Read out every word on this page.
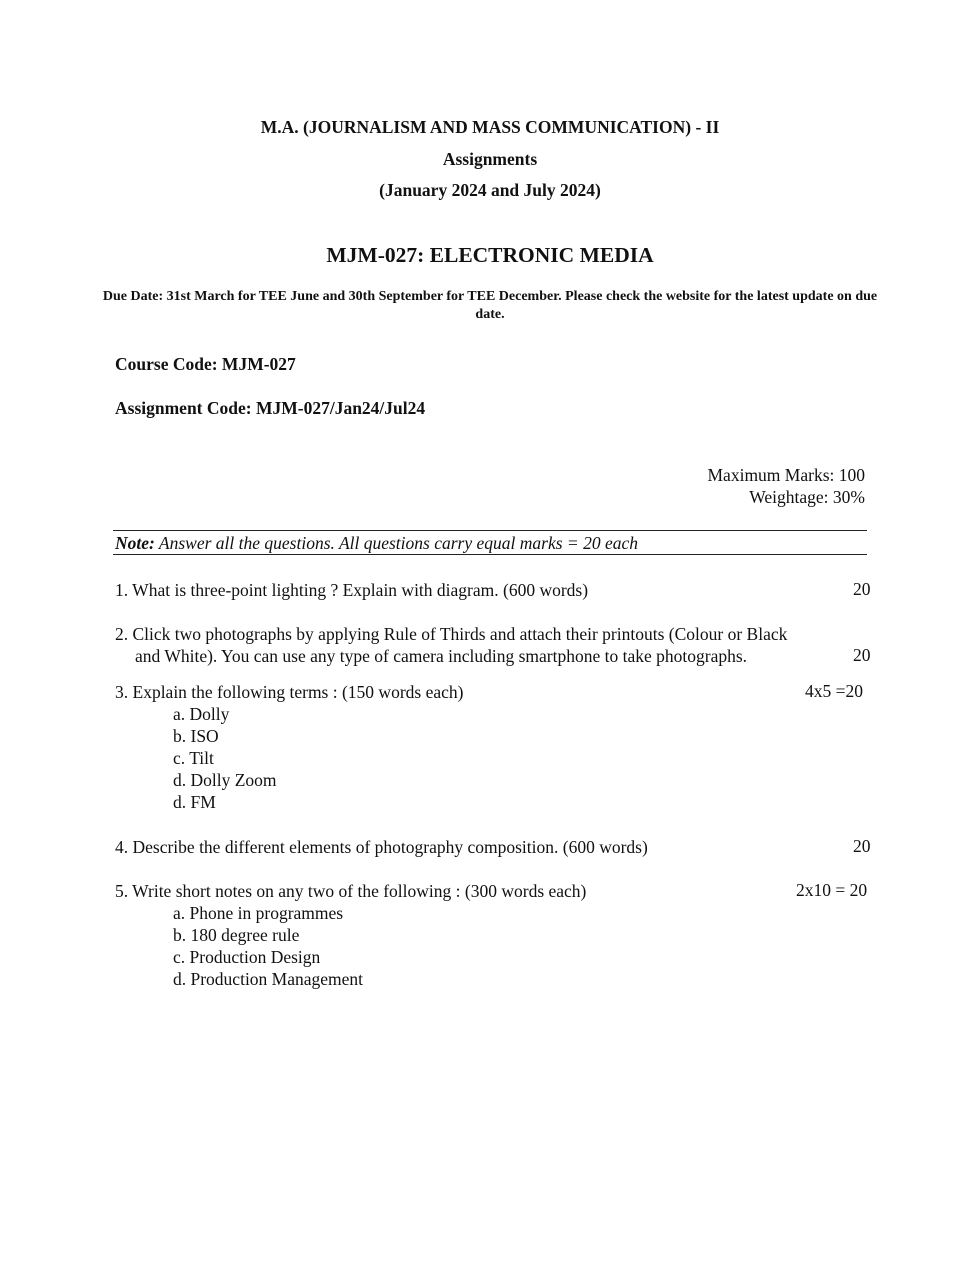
M.A. (JOURNALISM AND MASS COMMUNICATION) - II
Assignments
(January 2024 and July 2024)
MJM-027: ELECTRONIC MEDIA
Due Date: 31st March for TEE June and 30th September for TEE December. Please check the website for the latest update on due date.
Course Code: MJM-027
Assignment Code: MJM-027/Jan24/Jul24
Maximum Marks: 100
Weightage: 30%
Note: Answer all the questions. All questions carry equal marks = 20 each
1. What is three-point lighting ? Explain with diagram. (600 words)	20
2. Click two photographs by applying Rule of Thirds and attach their printouts (Colour or Black
and White). You can use any type of camera including smartphone to take photographs.	20
3. Explain the following terms : (150 words each)	4x5 =20
a. Dolly
b. ISO
c. Tilt
d. Dolly Zoom
d. FM
4. Describe the different elements of photography composition. (600 words)	20
5. Write short notes on any two of the following : (300 words each)	2x10 = 20
a. Phone in programmes
b. 180 degree rule
c. Production Design
d. Production Management
